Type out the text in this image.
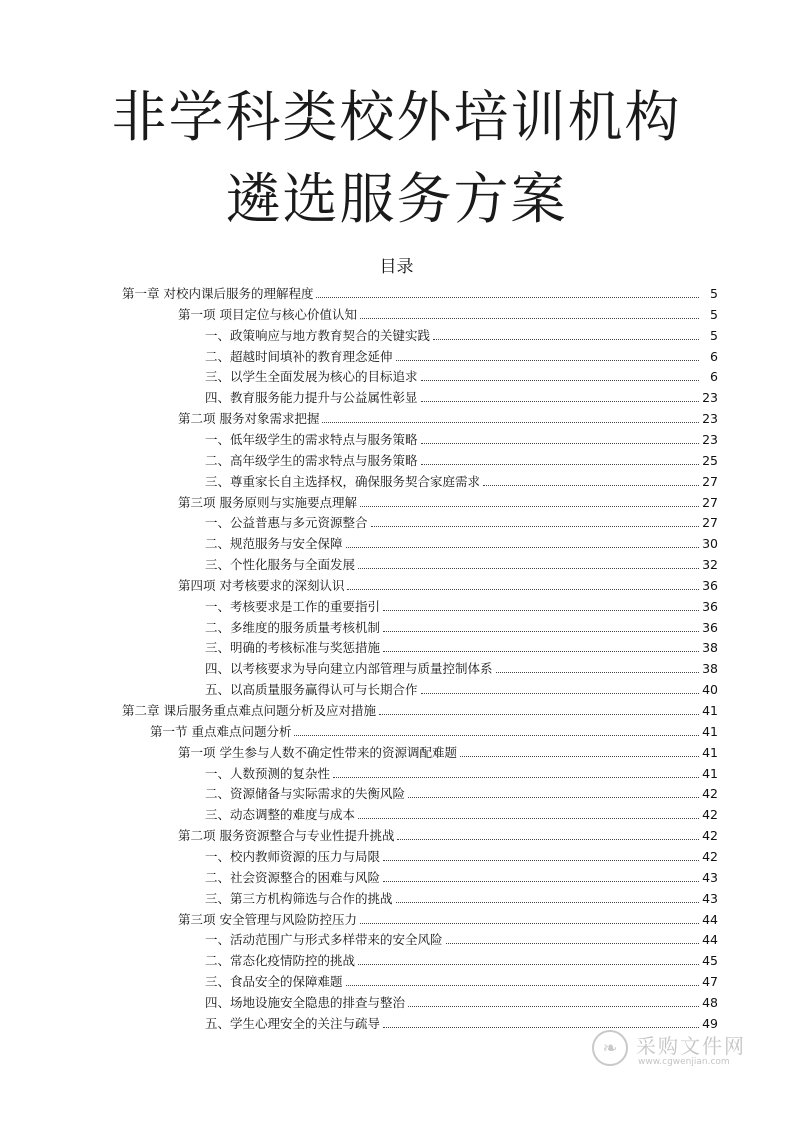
非学科类校外培训机构
遴选服务方案
目录
第一章 对校内课后服务的理解程度	5
第一项 项目定位与核心价值认知	5
一、政策响应与地方教育契合的关键实践	5
二、超越时间填补的教育理念延伸	6
三、以学生全面发展为核心的目标追求	6
四、教育服务能力提升与公益属性彰显	23
第二项 服务对象需求把握	23
一、低年级学生的需求特点与服务策略	23
二、高年级学生的需求特点与服务策略	25
三、尊重家长自主选择权，确保服务契合家庭需求	27
第三项 服务原则与实施要点理解	27
一、公益普惠与多元资源整合	27
二、规范服务与安全保障	30
三、个性化服务与全面发展	32
第四项 对考核要求的深刻认识	36
一、考核要求是工作的重要指引	36
二、多维度的服务质量考核机制	36
三、明确的考核标准与奖惩措施	38
四、以考核要求为导向建立内部管理与质量控制体系	38
五、以高质量服务赢得认可与长期合作	40
第二章 课后服务重点难点问题分析及应对措施	41
第一节 重点难点问题分析	41
第一项 学生参与人数不确定性带来的资源调配难题	41
一、人数预测的复杂性	41
二、资源储备与实际需求的失衡风险	42
三、动态调整的难度与成本	42
第二项 服务资源整合与专业性提升挑战	42
一、校内教师资源的压力与局限	42
二、社会资源整合的困难与风险	43
三、第三方机构筛选与合作的挑战	43
第三项 安全管理与风险防控压力	44
一、活动范围广与形式多样带来的安全风险	44
二、常态化疫情防控的挑战	45
三、食品安全的保障难题	47
四、场地设施安全隐患的排查与整治	48
五、学生心理安全的关注与疏导	49
❧ 采购文件网
www.cgwenjian.com
